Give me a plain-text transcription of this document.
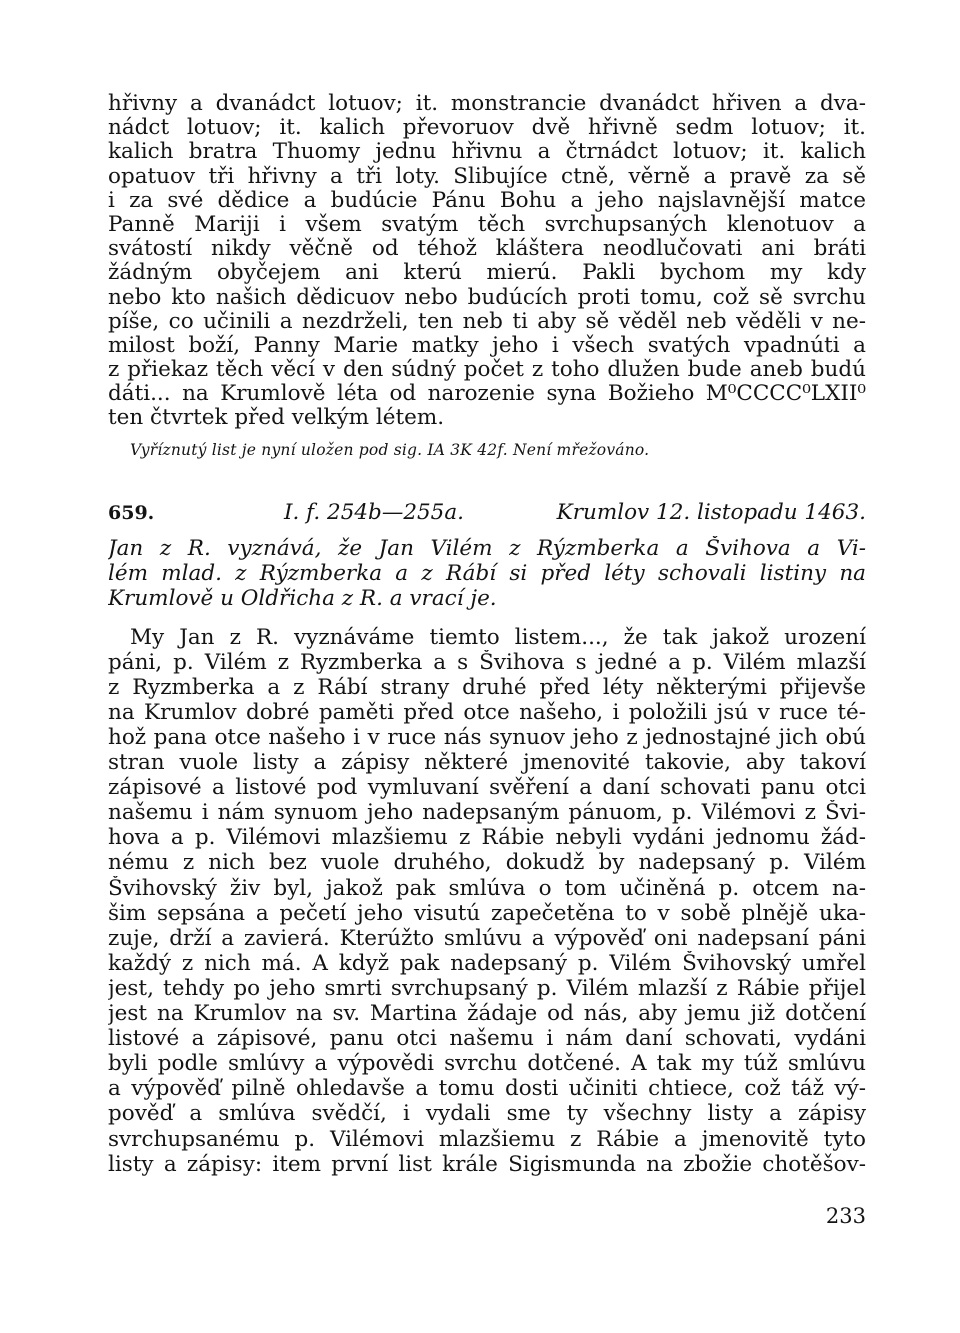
hřivny a dvanádct lotuov; it. monstrancie dvanádct hřiven a dva-
nádct lotuov; it. kalich převoruov dvě hřivně sedm lotuov; it.
kalich bratra Thuomy jednu hřivnu a čtrnádct lotuov; it. kalich
opatuov tři hřivny a tři loty. Slibujíce ctně, věrně a pravě za sě
i za své dědice a budúcie Pánu Bohu a jeho najslavnější matce
Panně Mariji i všem svatým těch svrchupsaných klenotuov a
svátostí nikdy věčně od téhož kláštera neodlučovati ani bráti
žádným obyčejem ani kterú mierú. Pakli bychom my kdy
nebo kto našich dědicuov nebo budúcích proti tomu, což sě svrchu
píše, co učinili a nezdrželi, ten neb ti aby sě věděl neb věděli v ne-
milost boží, Panny Marie matky jeho i všech svatých vpadnúti a
z přiekaz těch věcí v den súdný počet z toho dlužen bude aneb budú
dáti... na Krumlově léta od narozenie syna Božieho M⁰CCCC⁰LXII⁰
ten čtvrtek před velkým létem.
Vyříznutý list je nyní uložen pod sig. IA 3K 42f. Není mřežováno.
659.	I. f. 254b—255a.	Krumlov 12. listopadu 1463.
Jan z R. vyznává, že Jan Vilém z Rýzmberka a Švihova a Vi-
lém mlad. z Rýzmberka a z Rábí si před léty schovali listiny na
Krumlově u Oldřicha z R. a vrací je.
My Jan z R. vyznáváme tiemto listem..., že tak jakož urození
páni, p. Vilém z Ryzmberka a s Švihova s jedné a p. Vilém mlazší
z Ryzmberka a z Rábí strany druhé před léty některými přijevše
na Krumlov dobré paměti před otce našeho, i položili jsú v ruce té-
hož pana otce našeho i v ruce nás synuov jeho z jednostajné jich obú
stran vuole listy a zápisy některé jmenovité takovie, aby takoví
zápisové a listové pod vymluvaní svěření a daní schovati panu otci
našemu i nám synuom jeho nadepsaným pánuom, p. Vilémovi z Švi-
hova a p. Vilémovi mlazšiemu z Rábie nebyli vydáni jednomu žád-
nému z nich bez vuole druhého, dokudž by nadepsaný p. Vilém
Švihovský živ byl, jakož pak smlúva o tom učiněná p. otcem na-
šim sepsána a pečetí jeho visutú zapečetěna to v sobě plnějě uka-
zuje, drží a zavierá. Kterúžto smlúvu a výpověď oni nadepsaní páni
každý z nich má. A když pak nadepsaný p. Vilém Švihovský umřel
jest, tehdy po jeho smrti svrchupsaný p. Vilém mlazší z Rábie přijel
jest na Krumlov na sv. Martina žádaje od nás, aby jemu již dotčení
listové a zápisové, panu otci našemu i nám daní schovati, vydáni
byli podle smlúvy a výpovědi svrchu dotčené. A tak my túž smlúvu
a výpověď pilně ohledavše a tomu dosti učiniti chtiece, což táž vý-
pověď a smlúva svědčí, i vydali sme ty všechny listy a zápisy
svrchupsanému p. Vilémovi mlazšiemu z Rábie a jmenovitě tyto
listy a zápisy: item první list krále Sigismunda na zbožie chotěšov-
233
